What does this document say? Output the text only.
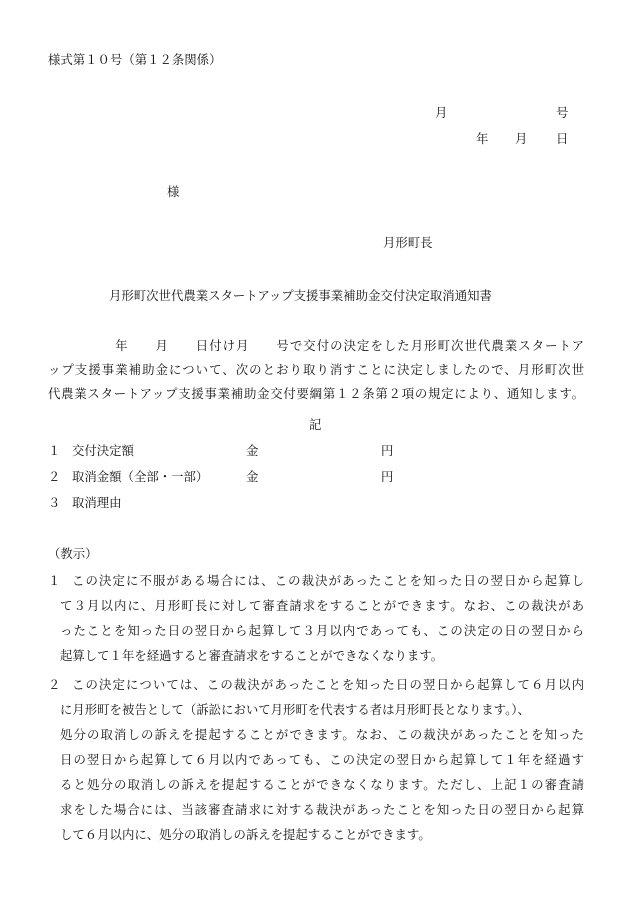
様式第１０号（第１２条関係）
月	号
年 月 日
様
月形町長
月形町次世代農業スタートアップ支援事業補助金交付決定取消通知書
　　　　　年　　月　　日付け月　　号で交付の決定をした月形町次世代農業スタートア
ップ支援事業補助金について、次のとおり取り消すことに決定しましたので、月形町次世
代農業スタートアップ支援事業補助金交付要綱第１２条第２項の規定により、通知します。
記
１ 交付決定額	金	円
２ 取消金額（全部・一部）	金	円
３ 取消理由
（教示）
１ この決定に不服がある場合には、この裁決があったことを知った日の翌日から起算し
て３月以内に、月形町長に対して審査請求をすることができます。なお、この裁決があ
ったことを知った日の翌日から起算して３月以内であっても、この決定の日の翌日から
起算して１年を経過すると審査請求をすることができなくなります。
２ この決定については、この裁決があったことを知った日の翌日から起算して６月以内
に月形町を被告として（訴訟において月形町を代表する者は月形町長となります。）、
処分の取消しの訴えを提起することができます。なお、この裁決があったことを知った
日の翌日から起算して６月以内であっても、この決定の翌日から起算して１年を経過す
ると処分の取消しの訴えを提起することができなくなります。ただし、上記１の審査請
求をした場合には、当該審査請求に対する裁決があったことを知った日の翌日から起算
して６月以内に、処分の取消しの訴えを提起することができます。
